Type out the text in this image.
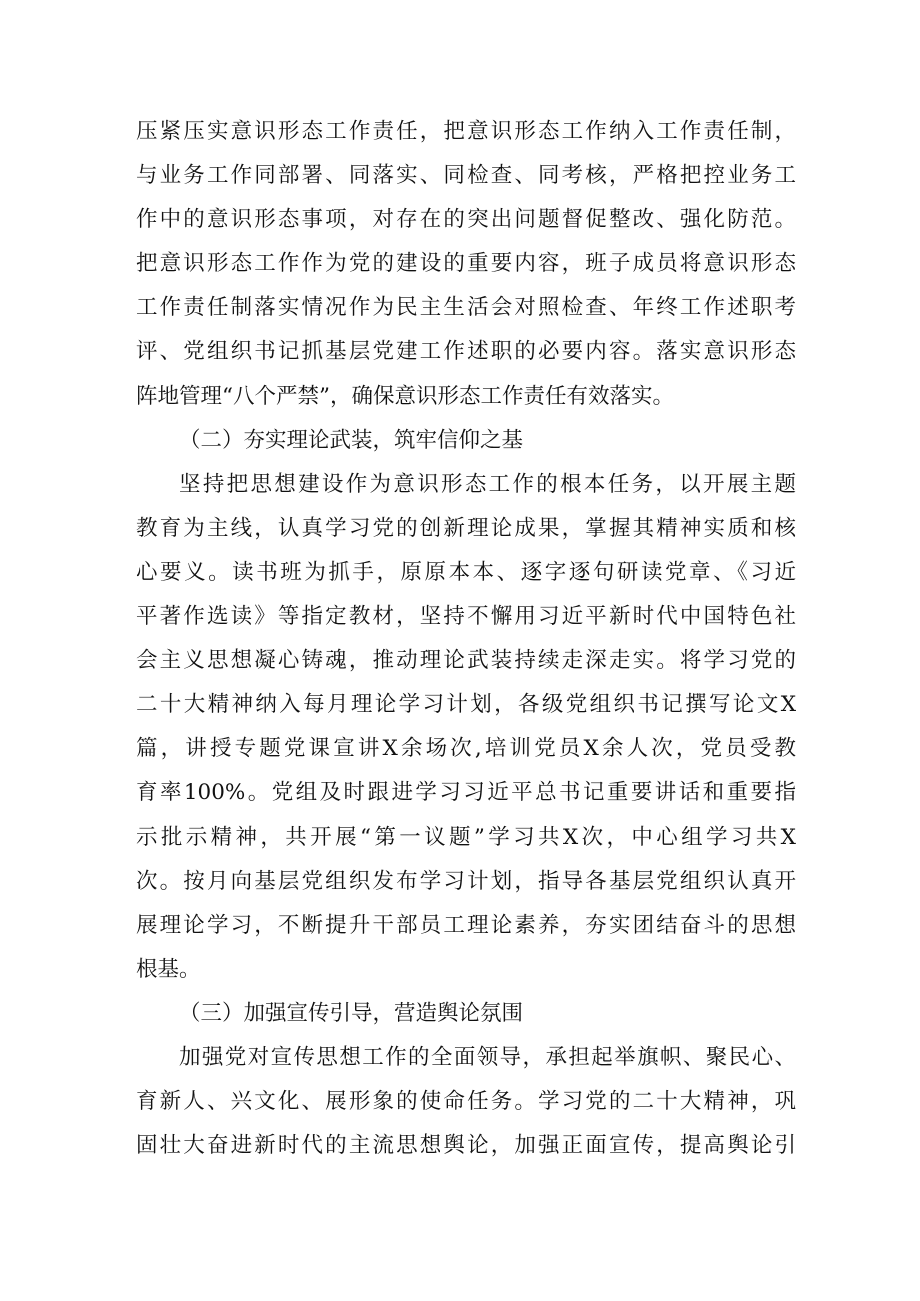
压紧压实意识形态工作责任，把意识形态工作纳入工作责任制，
与业务工作同部署、同落实、同检查、同考核，严格把控业务工
作中的意识形态事项，对存在的突出问题督促整改、强化防范。
把意识形态工作作为党的建设的重要内容，班子成员将意识形态
工作责任制落实情况作为民主生活会对照检查、年终工作述职考
评、党组织书记抓基层党建工作述职的必要内容。落实意识形态
阵地管理“八个严禁”，确保意识形态工作责任有效落实。
（二）夯实理论武装，筑牢信仰之基
坚持把思想建设作为意识形态工作的根本任务，以开展主题
教育为主线，认真学习党的创新理论成果，掌握其精神实质和核
心要义。读书班为抓手，原原本本、逐字逐句研读党章、《习近
平著作选读》等指定教材，坚持不懈用习近平新时代中国特色社
会主义思想凝心铸魂，推动理论武装持续走深走实。将学习党的
二十大精神纳入每月理论学习计划，各级党组织书记撰写论文X
篇，讲授专题党课宣讲X余场次,培训党员X余人次，党员受教
育率100%。党组及时跟进学习习近平总书记重要讲话和重要指
示批示精神，共开展“第一议题”学习共X次，中心组学习共X
次。按月向基层党组织发布学习计划，指导各基层党组织认真开
展理论学习，不断提升干部员工理论素养，夯实团结奋斗的思想
根基。
（三）加强宣传引导，营造舆论氛围
加强党对宣传思想工作的全面领导，承担起举旗帜、聚民心、
育新人、兴文化、展形象的使命任务。学习党的二十大精神，巩
固壮大奋进新时代的主流思想舆论，加强正面宣传，提高舆论引
